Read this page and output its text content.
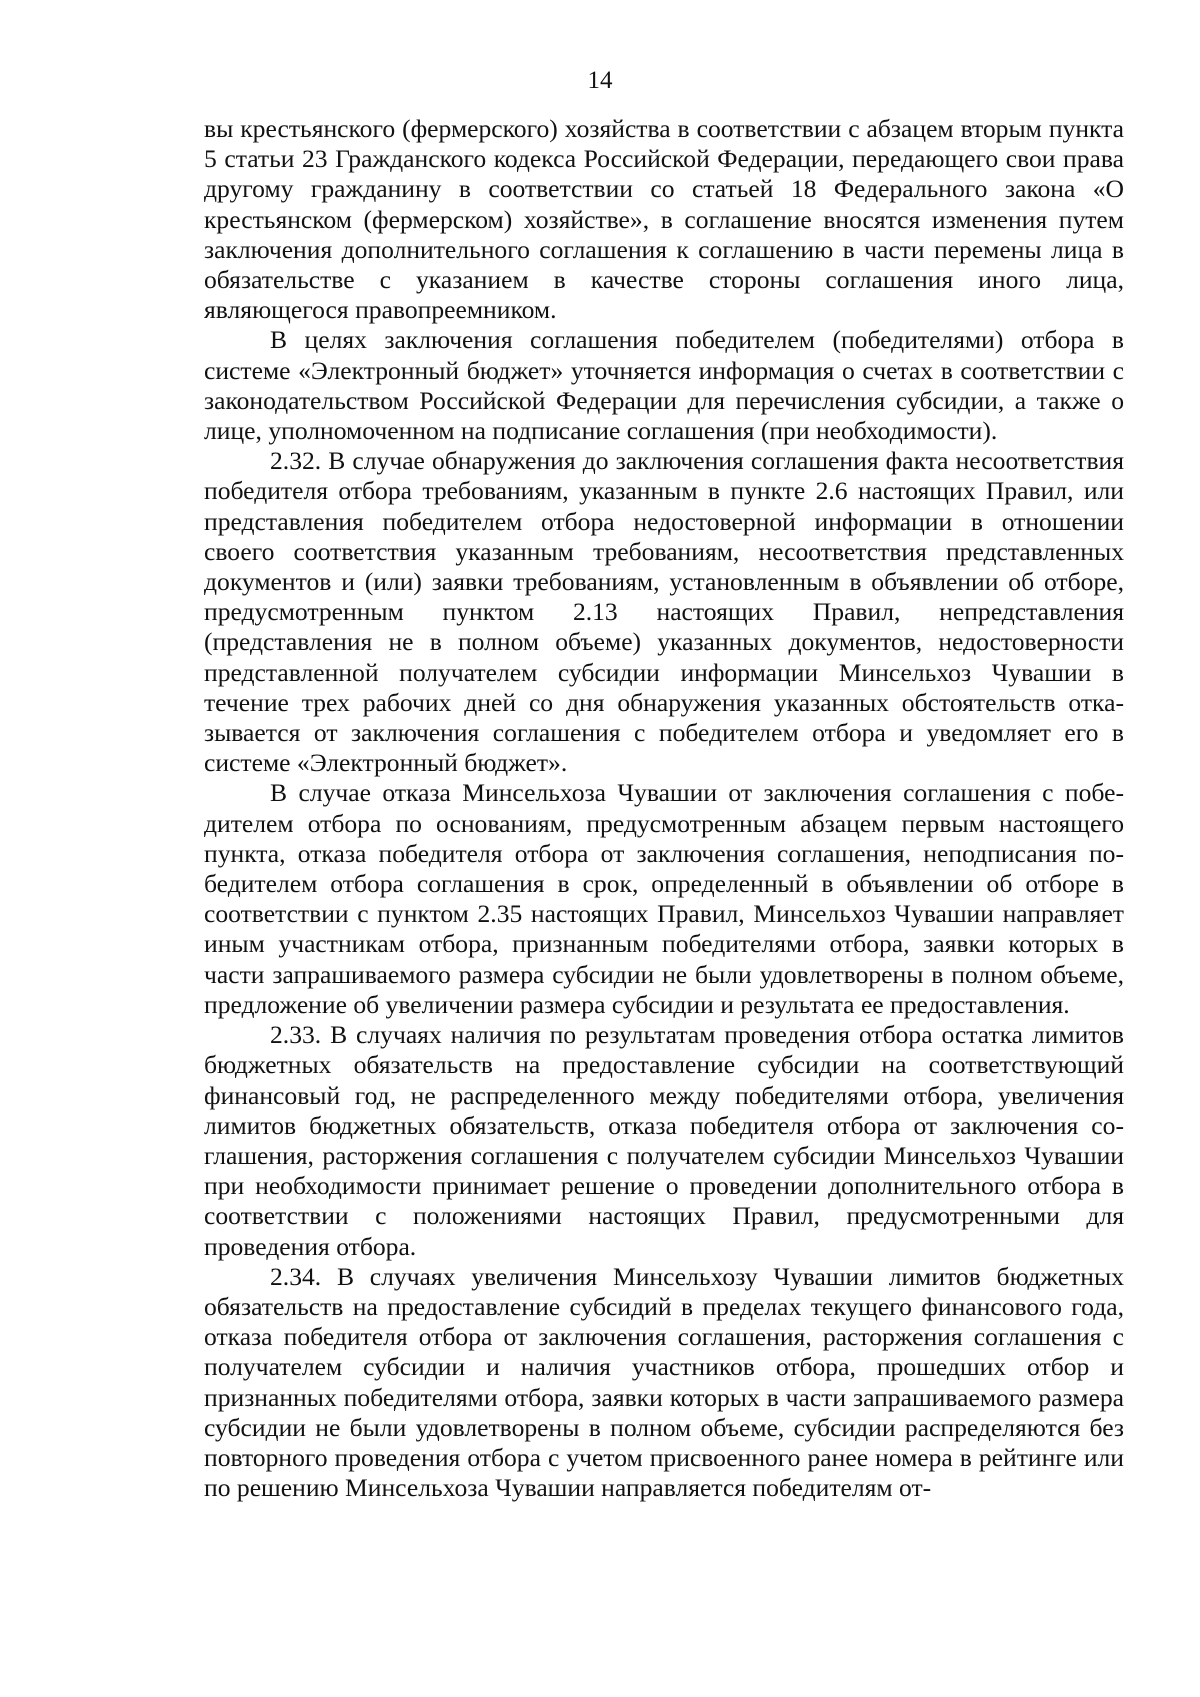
14

вы крестьянского (фермерского) хозяйства в соответствии с абзацем вторым пункта 5 статьи 23 Гражданского кодекса Российской Федерации, передающего свои права другому гражданину в соответствии со статьей 18 Федерального закона «О крестьянском (фермерском) хозяйстве», в соглашение вносятся изменения путем заключения дополнительного соглашения к соглашению в части перемены лица в обязательстве с указанием в качестве стороны соглашения иного лица, являющегося правопреемником.

В целях заключения соглашения победителем (победителями) отбора в системе «Электронный бюджет» уточняется информация о счетах в соответствии с законодательством Российской Федерации для перечисления субсидии, а также о лице, уполномоченном на подписание соглашения (при необходимости).

2.32. В случае обнаружения до заключения соглашения факта несоответствия победителя отбора требованиям, указанным в пункте 2.6 настоящих Правил, или представления победителем отбора недостоверной информации в отношении своего соответствия указанным требованиям, несоответствия представленных документов и (или) заявки требованиям, установленным в объявлении об отборе, предусмотренным пунктом 2.13 настоящих Правил, непредставления (представления не в полном объеме) указанных документов, недостоверности представленной получателем субсидии информации Минсельхоз Чувашии в течение трех рабочих дней со дня обнаружения указанных обстоятельств отказывается от заключения соглашения с победителем отбора и уведомляет его в системе «Электронный бюджет».

В случае отказа Минсельхоза Чувашии от заключения соглашения с победителем отбора по основаниям, предусмотренным абзацем первым настоящего пункта, отказа победителя отбора от заключения соглашения, неподписания победителем отбора соглашения в срок, определенный в объявлении об отборе в соответствии с пунктом 2.35 настоящих Правил, Минсельхоз Чувашии направляет иным участникам отбора, признанным победителями отбора, заявки которых в части запрашиваемого размера субсидии не были удовлетворены в полном объеме, предложение об увеличении размера субсидии и результата ее предоставления.

2.33. В случаях наличия по результатам проведения отбора остатка лимитов бюджетных обязательств на предоставление субсидии на соответствующий финансовый год, не распределенного между победителями отбора, увеличения лимитов бюджетных обязательств, отказа победителя отбора от заключения соглашения, расторжения соглашения с получателем субсидии Минсельхоз Чувашии при необходимости принимает решение о проведении дополнительного отбора в соответствии с положениями настоящих Правил, предусмотренными для проведения отбора.

2.34. В случаях увеличения Минсельхозу Чувашии лимитов бюджетных обязательств на предоставление субсидий в пределах текущего финансового года, отказа победителя отбора от заключения соглашения, расторжения соглашения с получателем субсидии и наличия участников отбора, прошедших отбор и признанных победителями отбора, заявки которых в части запрашиваемого размера субсидии не были удовлетворены в полном объеме, субсидии распределяются без повторного проведения отбора с учетом присвоенного ранее номера в рейтинге или по решению Минсельхоза Чувашии направляется победителям от-
